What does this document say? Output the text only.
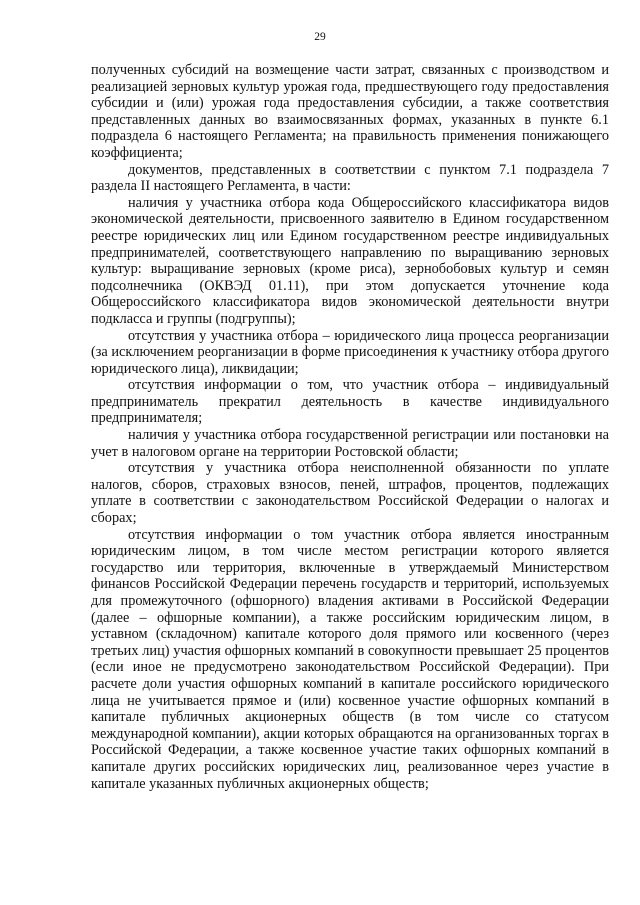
29

полученных субсидий на возмещение части затрат, связанных с производством и реализацией зерновых культур урожая года, предшествующего году предоставления субсидии и (или) урожая года предоставления субсидии, а также соответствия представленных данных во взаимосвязанных формах, указанных в пункте 6.1 подраздела 6 настоящего Регламента; на правильность применения понижающего коэффициента;

документов, представленных в соответствии с пунктом 7.1 подраздела 7 раздела II настоящего Регламента, в части:

наличия у участника отбора кода Общероссийского классификатора видов экономической деятельности, присвоенного заявителю в Едином государственном реестре юридических лиц или Едином государственном реестре индивидуальных предпринимателей, соответствующего направлению по выращиванию зерновых культур: выращивание зерновых (кроме риса), зернобобовых культур и семян подсолнечника (ОКВЭД 01.11), при этом допускается уточнение кода Общероссийского классификатора видов экономической деятельности внутри подкласса и группы (подгруппы);

отсутствия у участника отбора – юридического лица процесса реорганизации (за исключением реорганизации в форме присоединения к участнику отбора другого юридического лица), ликвидации;

отсутствия информации о том, что участник отбора – индивидуальный предприниматель прекратил деятельность в качестве индивидуального предпринимателя;

наличия у участника отбора государственной регистрации или постановки на учет в налоговом органе на территории Ростовской области;

отсутствия у участника отбора неисполненной обязанности по уплате налогов, сборов, страховых взносов, пеней, штрафов, процентов, подлежащих уплате в соответствии с законодательством Российской Федерации о налогах и сборах;

отсутствия информации о том участник отбора является иностранным юридическим лицом, в том числе местом регистрации которого является государство или территория, включенные в утверждаемый Министерством финансов Российской Федерации перечень государств и территорий, используемых для промежуточного (офшорного) владения активами в Российской Федерации (далее – офшорные компании), а также российским юридическим лицом, в уставном (складочном) капитале которого доля прямого или косвенного (через третьих лиц) участия офшорных компаний в совокупности превышает 25 процентов (если иное не предусмотрено законодательством Российской Федерации). При расчете доли участия офшорных компаний в капитале российского юридического лица не учитывается прямое и (или) косвенное участие офшорных компаний в капитале публичных акционерных обществ (в том числе со статусом международной компании), акции которых обращаются на организованных торгах в Российской Федерации, а также косвенное участие таких офшорных компаний в капитале других российских юридических лиц, реализованное через участие в капитале указанных публичных акционерных обществ;
